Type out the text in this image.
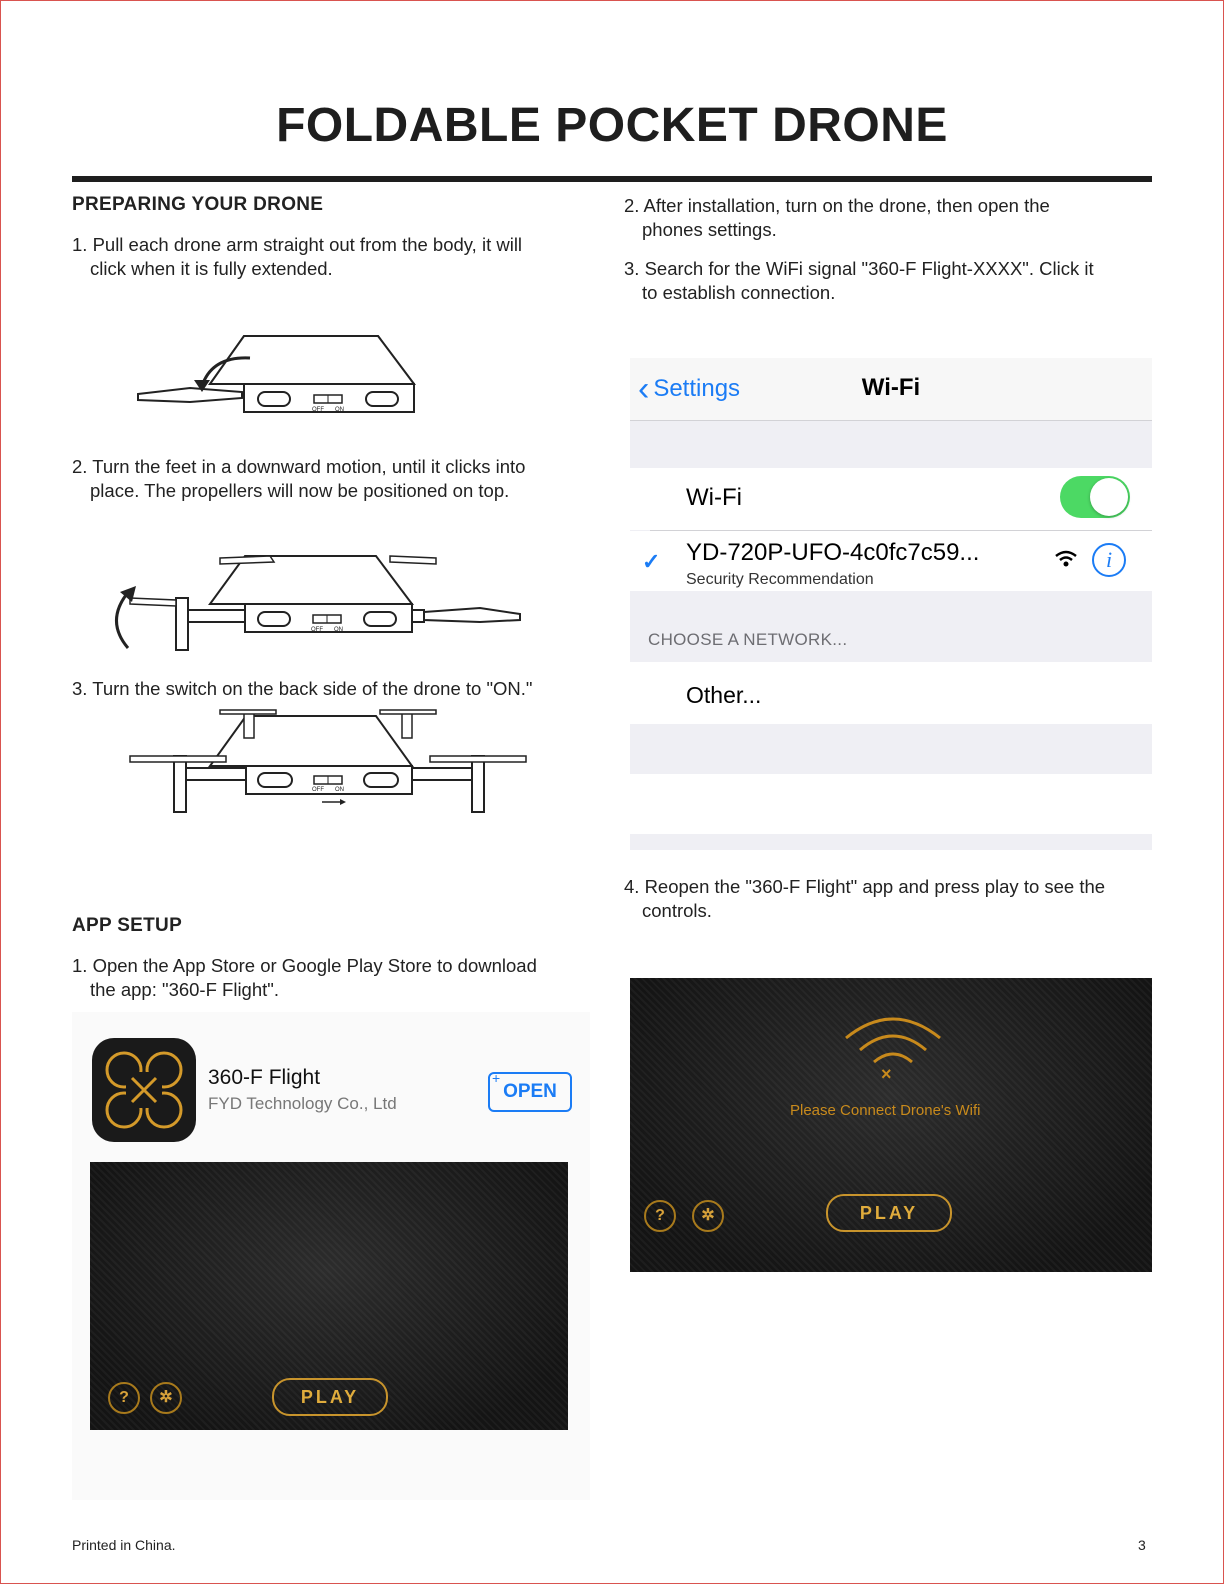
FOLDABLE POCKET DRONE
PREPARING YOUR DRONE
1. Pull each drone arm straight out from the body, it will
click when it is fully extended.
OFF ON
2. Turn the feet in a downward motion, until it clicks into
place. The propellers will now be positioned on top.
OFF ON
3. Turn the switch on the back side of the drone to "ON."
OFF ON
APP SETUP
1. Open the App Store or Google Play Store to download
the app: "360-F Flight".
360-F Flight
FYD Technology Co., Ltd
+
OPEN
?	✲	PLAY
2. After installation, turn on the drone, then open the
phones settings.
3. Search for the WiFi signal "360-F Flight-XXXX". Click it
to establish connection.
‹ Settings	Wi-Fi
Wi-Fi
✓ YD-720P-UFO-4c0fc7c59...
Security Recommendation
i
CHOOSE A NETWORK...
Other...
4. Reopen the "360-F Flight" app and press play to see the
controls.
×
Please Connect Drone's Wifi
?	✲	PLAY
Printed in China.	3
